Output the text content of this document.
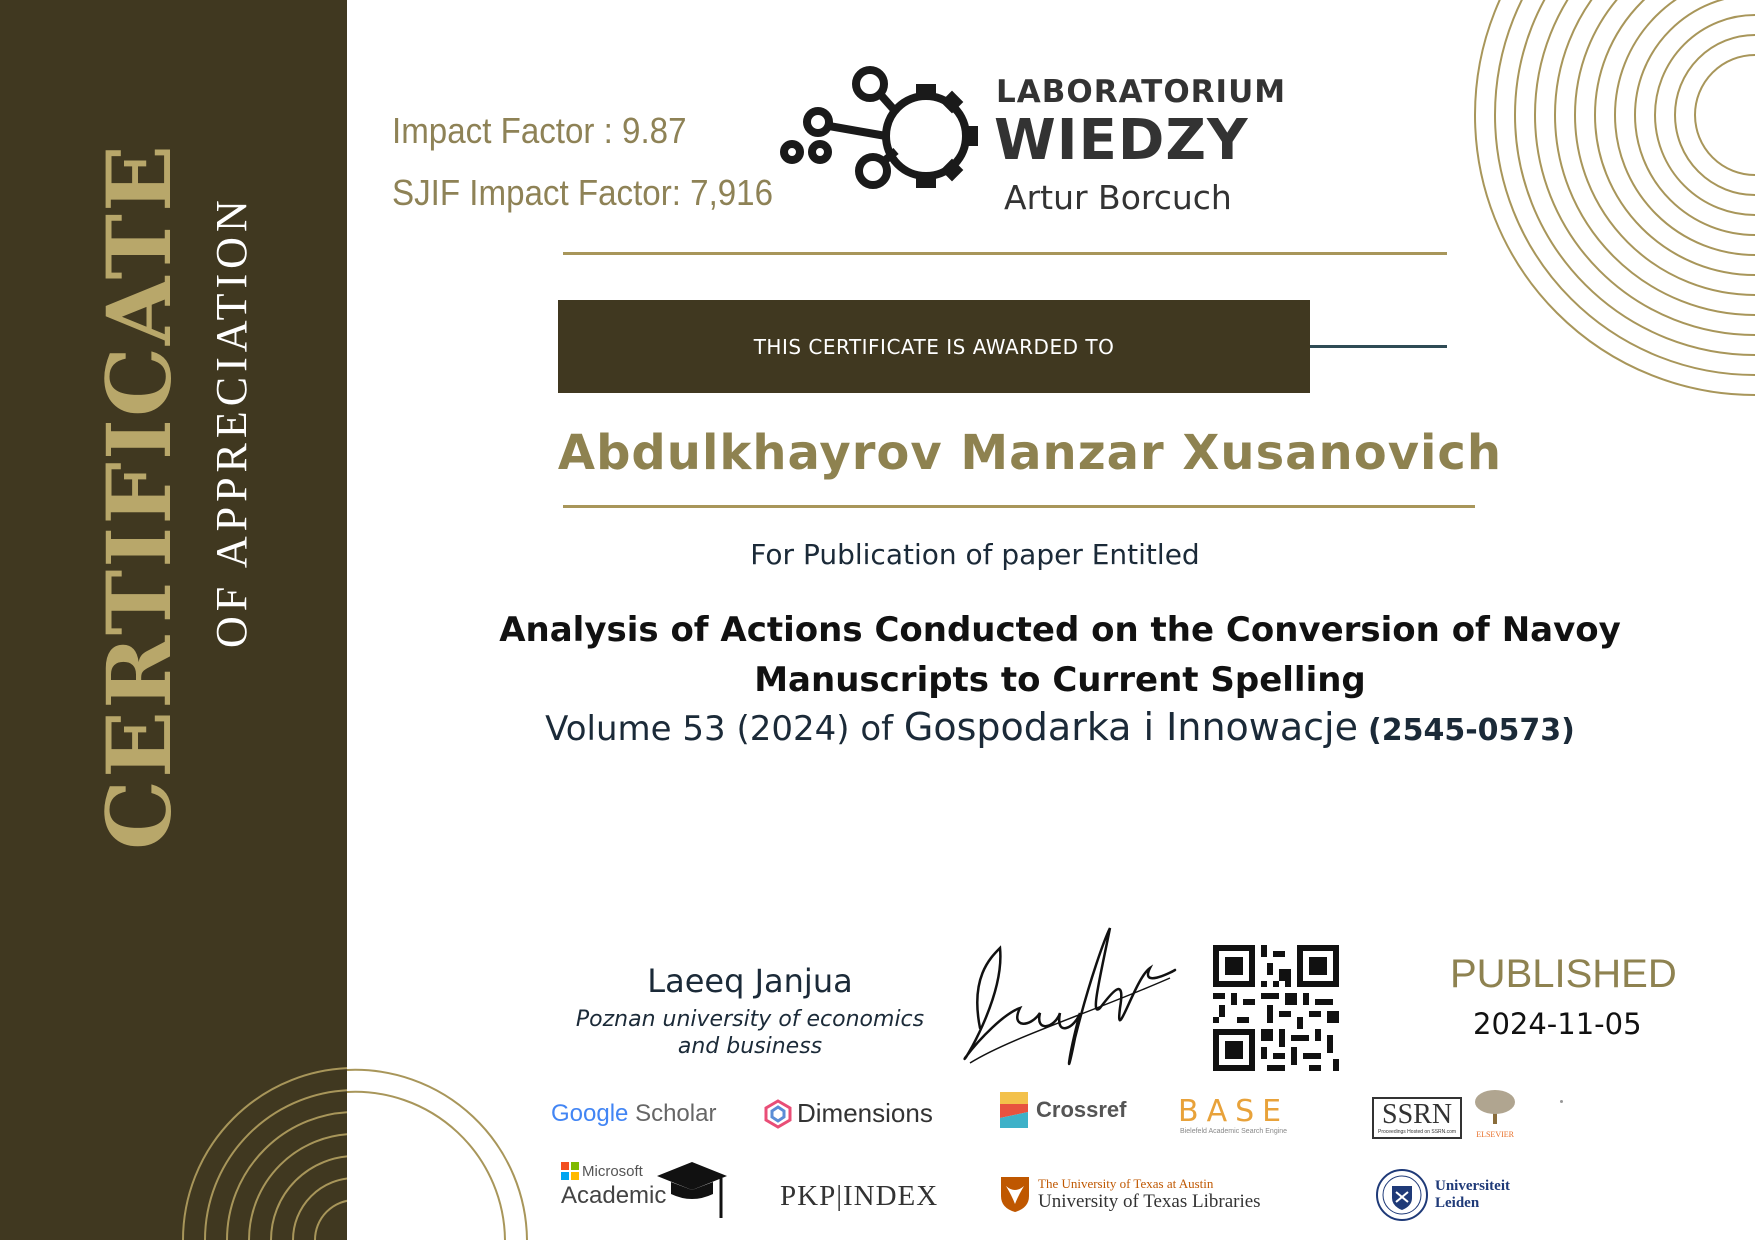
CERTIFICATE OF APPRECIATION
Impact Factor : 9.87
SJIF Impact Factor: 7,916
LABORATORIUM
WIEDZY
Artur Borcuch
THIS CERTIFICATE IS AWARDED TO
Abdulkhayrov Manzar Xusanovich
For Publication of paper Entitled
Analysis of Actions Conducted on the Conversion of Navoy
Manuscripts to Current Spelling
Volume 53 (2024) of Gospodarka i Innowacje (2545-0573)
Laeeq Janjua
Poznan university of economics
and business
PUBLISHED
2024-11-05
Google Scholar	Dimensions	Crossref BASE
Bielefeld Academic Search Engine
SSRN
Proceedings Hosted on SSRN.com	ELSEVIER
Microsoft
Academic	PKP|INDEX	The University of Texas at Austin
University of Texas Libraries
Universiteit
Leiden
